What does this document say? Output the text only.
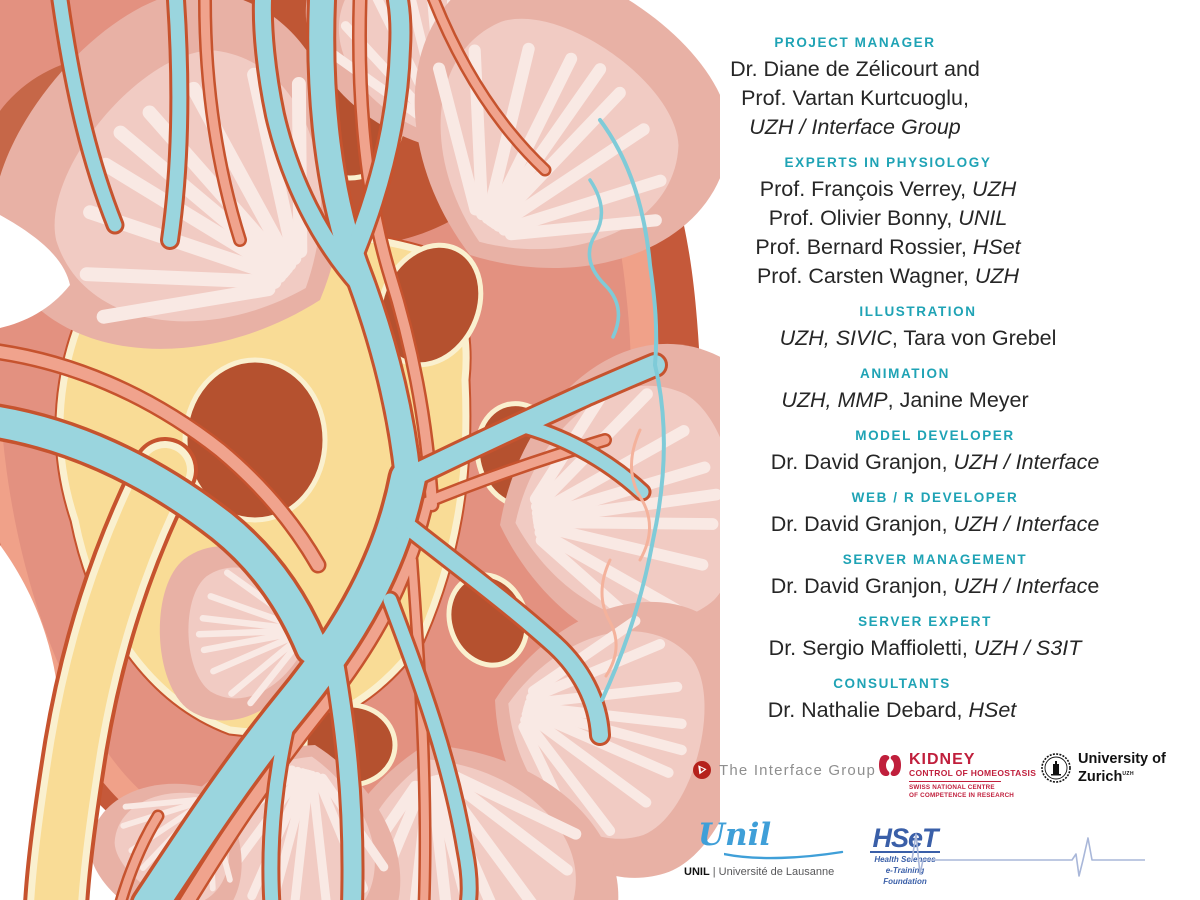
PROJECT MANAGER
Dr. Diane de Zélicourt and
Prof. Vartan Kurtcuoglu,
UZH / Interface Group
EXPERTS IN PHYSIOLOGY
Prof. François Verrey, UZH
Prof. Olivier Bonny, UNIL
Prof. Bernard Rossier, HSet
Prof. Carsten Wagner, UZH
ILLUSTRATION
UZH, SIVIC, Tara von Grebel
ANIMATION
UZH, MMP, Janine Meyer
MODEL DEVELOPER
Dr. David Granjon, UZH / Interface
WEB / R DEVELOPER
Dr. David Granjon, UZH / Interface
SERVER MANAGEMENT
Dr. David Granjon, UZH / Interface
SERVER EXPERT
Dr. Sergio Maffioletti, UZH / S3IT
CONSULTANTS
Dr. Nathalie Debard, HSet
The Interface Group
KIDNEY
CONTROL OF HOMEOSTASIS
SWISS NATIONAL CENTRE
OF COMPETENCE IN RESEARCH
University of
Zurich$^{UZH}$
Unil
UNIL | Université de Lausanne
HSeT
Health Sciences
e-Training
Foundation
